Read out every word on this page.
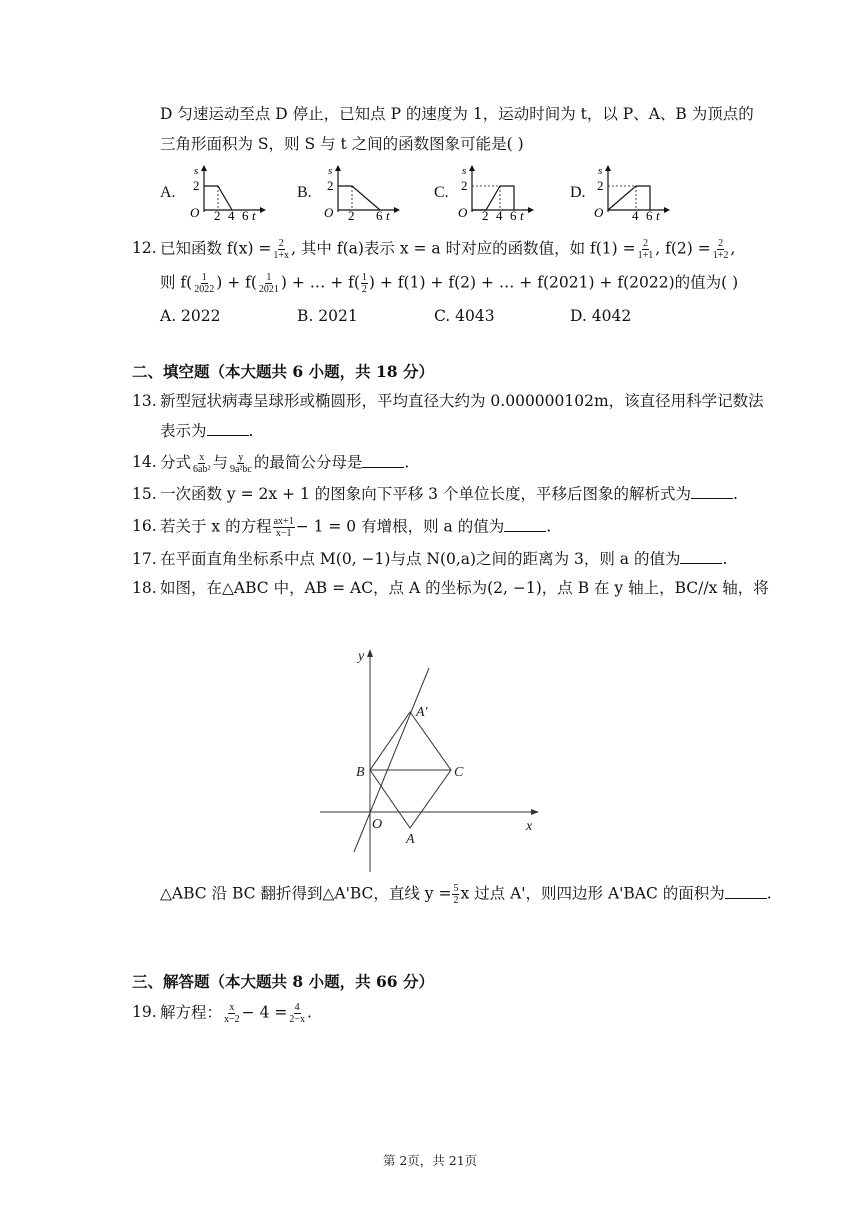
D 匀速运动至点 D 停止，已知点 P 的速度为 1，运动时间为 t，以 P、A、B 为顶点的
三角形面积为 S，则 S 与 t 之间的函数图象可能是( )
A.
s
2
O 2 4 6 t
B.
s
2
O 2 6 t
C.
s
2
O 2 4 6 t
D.
s
2
O 4 6 t
12. 已知函数 $f(x) = \frac{2}{1+x}$ , 其中 f(a)表示 x = a 时对应的函数值，如 $f(1) = \frac{2}{1+1}$ , $f(2) = \frac{2}{1+2}$ ,
则 $f( \frac{1}{2022}$ ) + $f( \frac{1}{2021}$ ) + … + $f( \frac{1}{2}$ ) + f(1) + f(2) + … + f(2021) + f(2022)的值为( )
A. 2022	B. 2021	C. 4043	D. 4042
二、填空题（本大题共 6 小题，共 18 分）
13. 新型冠状病毒呈球形或椭圆形，平均直径大约为 0.000000102m，该直径用科学记数法
表示为	.
14. 分式 $\frac{x}{\text{6ab²}}$ 与 $\frac{y}{\text{9a²bc}}$ 的最简公分母是	.
15. 一次函数 y = 2x + 1 的图象向下平移 3 个单位长度，平移后图象的解析式为	.
16. 若关于 x 的方程 $\frac{ax+1}{x-1} - 1 = 0$ 有增根，则 a 的值为	.
17. 在平面直角坐标系中点 M(0, −1)与点 N(0,a)之间的距离为 3，则 a 的值为	.
18. 如图，在△ABC 中，AB = AC，点 A 的坐标为(2, −1)，点 B 在 y 轴上，BC//x 轴，将
y
x
O
A
A'
B	C
△ABC 沿 BC 翻折得到△A'BC，直线 $y = \frac{5}{2}$ x 过点 A'，则四边形 A'BAC 的面积为	.
三、解答题（本大题共 8 小题，共 66 分）
19. 解方程： $\frac{x}{x-2} - 4 = \frac{4}{2-x}$ .
第 2页，共 21页
